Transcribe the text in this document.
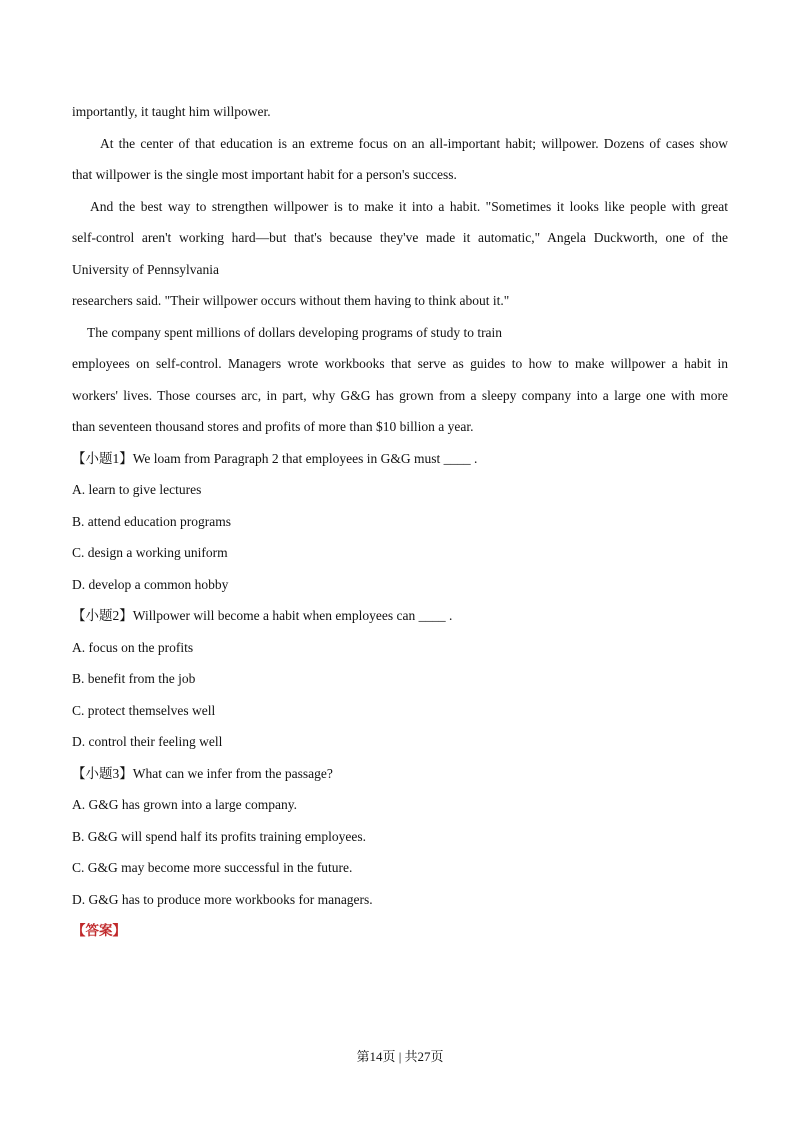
importantly, it taught him willpower.
At the center of that education is an extreme focus on an all-important habit; willpower. Dozens of cases show
that willpower is the single most important habit for a person's success.
And the best way to strengthen willpower is to make it into a habit. "Sometimes it looks like people with great
self-control aren't working hard—but that's because they've made it automatic," Angela Duckworth, one of the
University of Pennsylvania
researchers said. "Their willpower occurs without them having to think about it."
The company spent millions of dollars developing programs of study to train
employees on self-control. Managers wrote workbooks that serve as guides to how to make willpower a habit in
workers' lives. Those courses arc, in part, why G&G has grown from a sleepy company into a large one with more
than seventeen thousand stores and profits of more than $10 billion a year.
【小题1】We loam from Paragraph 2 that employees in G&G must ____ .
A. learn to give lectures
B. attend education programs
C. design a working uniform
D. develop a common hobby
【小题2】Willpower will become a habit when employees can ____ .
A. focus on the profits
B. benefit from the job
C. protect themselves well
D. control their feeling well
【小题3】What can we infer from the passage?
A. G&G has grown into a large company.
B. G&G will spend half its profits training employees.
C. G&G may become more successful in the future.
D. G&G has to produce more workbooks for managers.
【答案】
第14页 | 共27页
